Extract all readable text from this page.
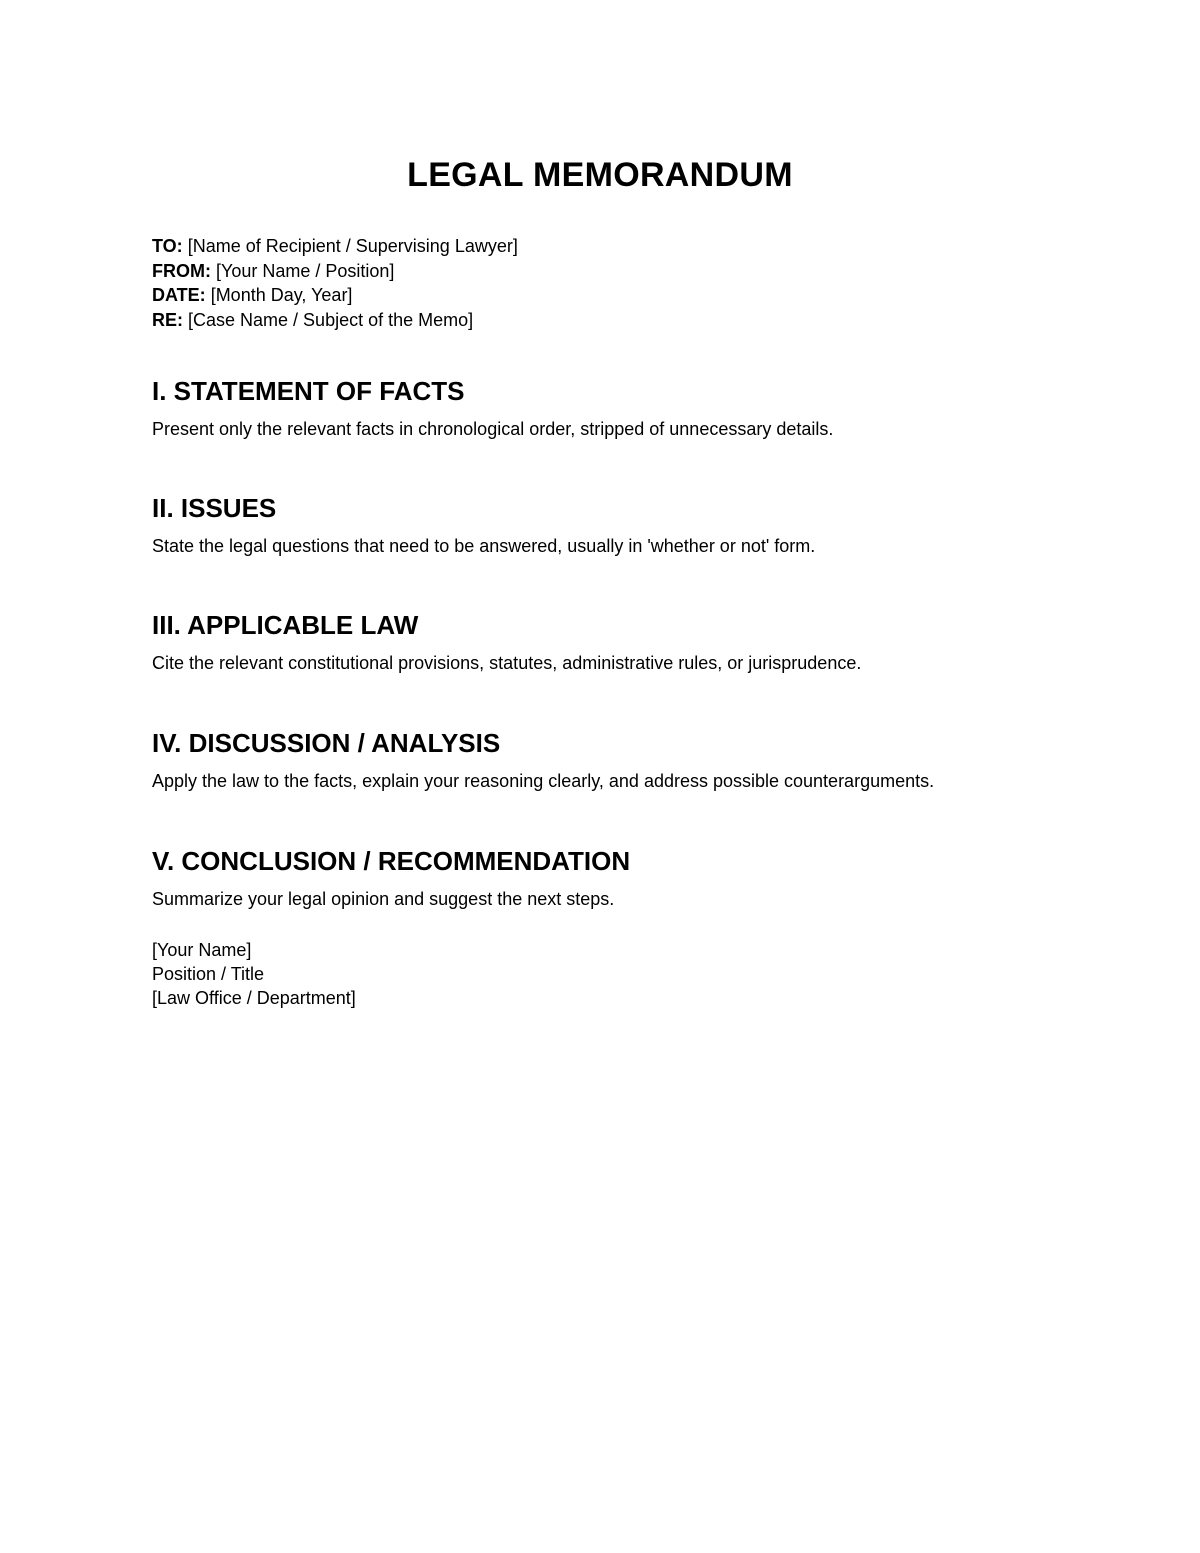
LEGAL MEMORANDUM
TO: [Name of Recipient / Supervising Lawyer]
FROM: [Your Name / Position]
DATE: [Month Day, Year]
RE: [Case Name / Subject of the Memo]
I. STATEMENT OF FACTS

Present only the relevant facts in chronological order, stripped of unnecessary details.

II. ISSUES

State the legal questions that need to be answered, usually in 'whether or not' form.

III. APPLICABLE LAW

Cite the relevant constitutional provisions, statutes, administrative rules, or jurisprudence.

IV. DISCUSSION / ANALYSIS

Apply the law to the facts, explain your reasoning clearly, and address possible counterarguments.

V. CONCLUSION / RECOMMENDATION

Summarize your legal opinion and suggest the next steps.

[Your Name]
Position / Title
[Law Office / Department]
